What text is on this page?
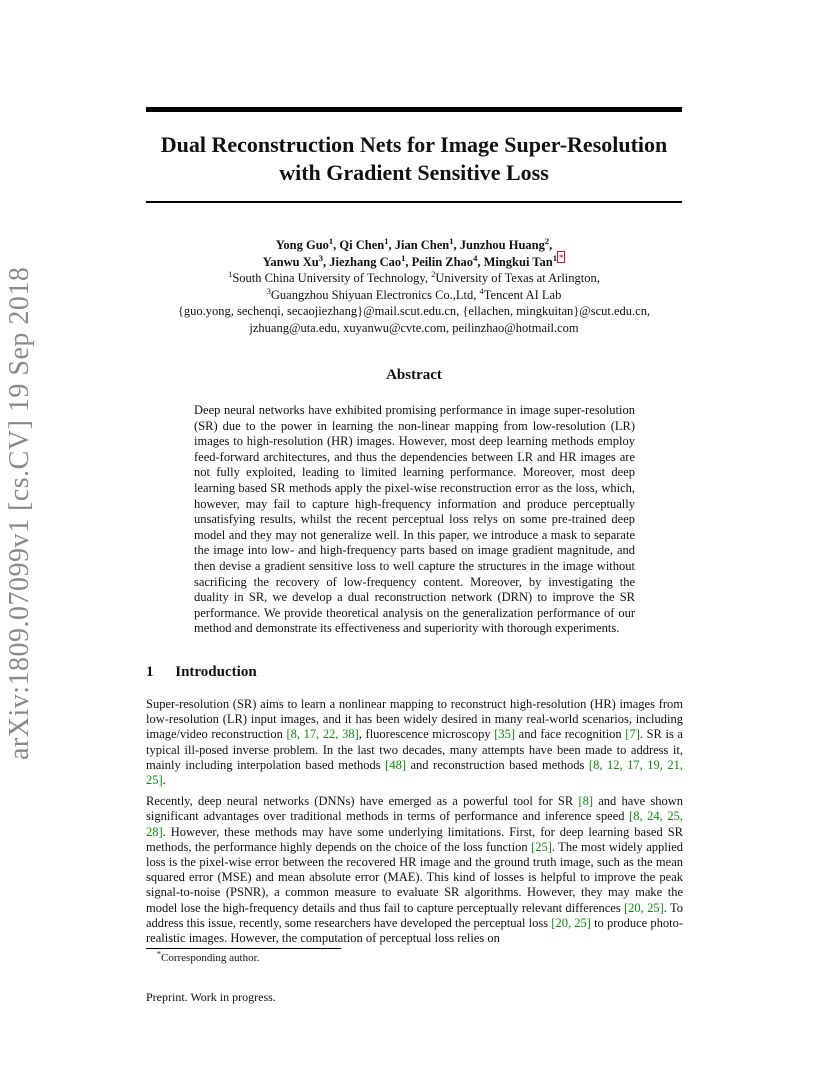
Dual Reconstruction Nets for Image Super-Resolution
with Gradient Sensitive Loss
Yong Guo$^1$, Qi Chen$^1$, Jian Chen$^1$, Junzhou Huang$^2$,
Yanwu Xu$^3$, Jiezhang Cao$^1$, Peilin Zhao$^4$, Mingkui Tan$^1$ *
$^1$South China University of Technology, $^2$University of Texas at Arlington,
$^3$Guangzhou Shiyuan Electronics Co.,Ltd, $^4$Tencent AI Lab
{guo.yong, sechenqi, secaojiezhang}@mail.scut.edu.cn, {ellachen, mingkuitan}@scut.edu.cn,
jzhuang@uta.edu, xuyanwu@cvte.com, peilinzhao@hotmail.com
arXiv:1809.07099v1 [cs.CV] 19 Sep 2018	Abstract
Deep neural networks have exhibited promising performance in image super-resolution (SR) due to the power in learning the non-linear mapping from low-resolution (LR) images to high-resolution (HR) images. However, most deep learning methods employ feed-forward architectures, and thus the dependencies between LR and HR images are not fully exploited, leading to limited learning performance. Moreover, most deep learning based SR methods apply the pixel-wise reconstruction error as the loss, which, however, may fail to capture high-frequency information and produce perceptually unsatisfying results, whilst the recent perceptual loss relys on some pre-trained deep model and they may not generalize well. In this paper, we introduce a mask to separate the image into low- and high-frequency parts based on image gradient magnitude, and then devise a gradient sensitive loss to well capture the structures in the image without sacrificing the recovery of low-frequency content. Moreover, by investigating the duality in SR, we develop a dual reconstruction network (DRN) to improve the SR performance. We provide theoretical analysis on the generalization performance of our method and demonstrate its effectiveness and superiority with thorough experiments.
1 Introduction

Super-resolution (SR) aims to learn a nonlinear mapping to reconstruct high-resolution (HR) images from low-resolution (LR) input images, and it has been widely desired in many real-world scenarios, including image/video reconstruction [8, 17, 22, 38], fluorescence microscopy [35] and face recognition [7]. SR is a typical ill-posed inverse problem. In the last two decades, many attempts have been made to address it, mainly including interpolation based methods [48] and reconstruction based methods [8, 12, 17, 19, 21, 25].

Recently, deep neural networks (DNNs) have emerged as a powerful tool for SR [8] and have shown significant advantages over traditional methods in terms of performance and inference speed [8, 24, 25, 28]. However, these methods may have some underlying limitations. First, for deep learning based SR methods, the performance highly depends on the choice of the loss function [25]. The most widely applied loss is the pixel-wise error between the recovered HR image and the ground truth image, such as the mean squared error (MSE) and mean absolute error (MAE). This kind of losses is helpful to improve the peak signal-to-noise (PSNR), a common measure to evaluate SR algorithms. However, they may make the model lose the high-frequency details and thus fail to capture perceptually relevant differences [20, 25]. To address this issue, recently, some researchers have developed the perceptual loss [20, 25] to produce photo-realistic images. However, the computation of perceptual loss relies on

*Corresponding author.
Preprint. Work in progress.
